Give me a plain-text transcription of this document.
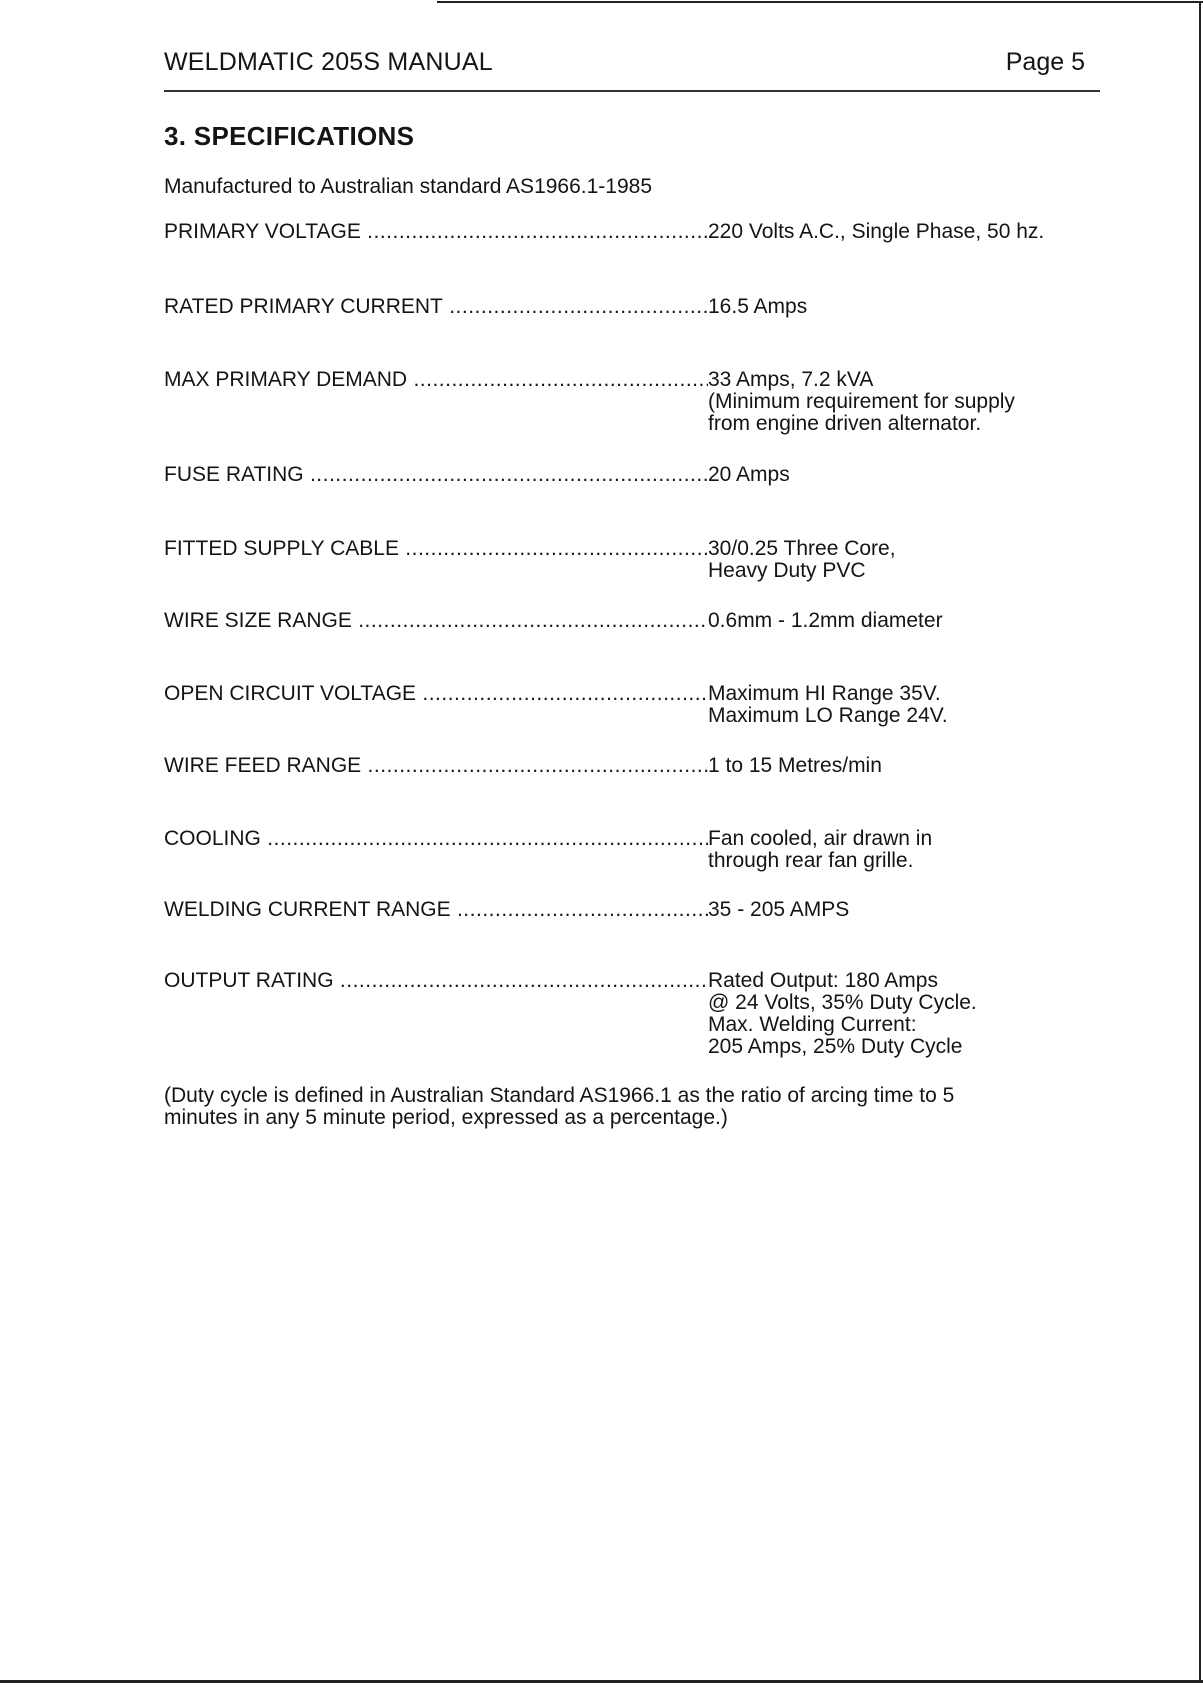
WELDMATIC 205S MANUAL	Page 5
3. SPECIFICATIONS
Manufactured to Australian standard AS1966.1-1985
PRIMARY VOLTAGE .....	220 Volts A.C., Single Phase, 50 hz.
RATED PRIMARY CURRENT .....	16.5 Amps
MAX PRIMARY DEMAND .....	33 Amps, 7.2 kVA
(Minimum requirement for supply
from engine driven alternator.
FUSE RATING .....	20 Amps
FITTED SUPPLY CABLE .....	30/0.25 Three Core,
Heavy Duty PVC
WIRE SIZE RANGE .....	0.6mm - 1.2mm diameter
OPEN CIRCUIT VOLTAGE .....	Maximum HI Range 35V.
Maximum LO Range 24V.
WIRE FEED RANGE .....	1 to 15 Metres/min
COOLING .....	Fan cooled, air drawn in
through rear fan grille.
WELDING CURRENT RANGE .....	35 - 205 AMPS
OUTPUT RATING .....	Rated Output: 180 Amps
@ 24 Volts, 35% Duty Cycle.
Max. Welding Current:
205 Amps, 25% Duty Cycle
(Duty cycle is defined in Australian Standard AS1966.1 as the ratio of arcing time to 5
minutes in any 5 minute period, expressed as a percentage.)
